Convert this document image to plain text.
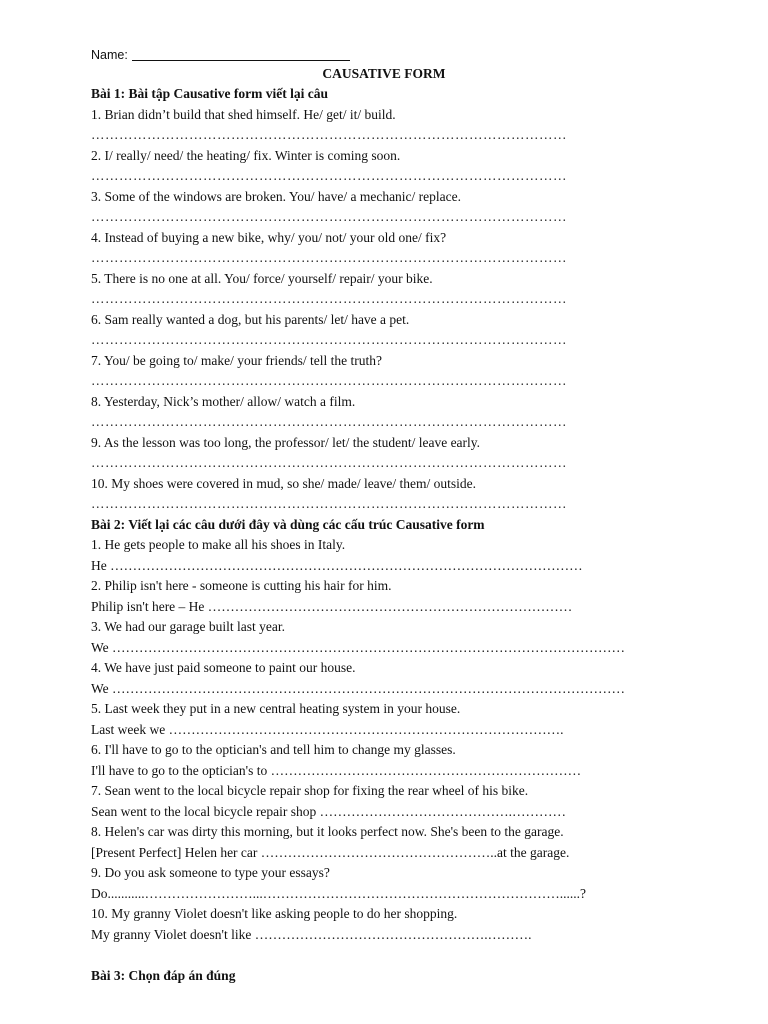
Name:
CAUSATIVE FORM
Bài 1: Bài tập Causative form viết lại câu
1. Brian didn’t build that shed himself. He/ get/ it/ build.
…………………………………………………………………………………………
2. I/ really/ need/ the heating/ fix. Winter is coming soon.
…………………………………………………………………………………………
3. Some of the windows are broken. You/ have/ a mechanic/ replace.
…………………………………………………………………………………………
4. Instead of buying a new bike, why/ you/ not/ your old one/ fix?
…………………………………………………………………………………………
5. There is no one at all. You/ force/ yourself/ repair/ your bike.
…………………………………………………………………………………………
6. Sam really wanted a dog, but his parents/ let/ have a pet.
…………………………………………………………………………………………
7. You/ be going to/ make/ your friends/ tell the truth?
…………………………………………………………………………………………
8. Yesterday, Nick’s mother/ allow/ watch a film.
…………………………………………………………………………………………
9. As the lesson was too long, the professor/ let/ the student/ leave early.
…………………………………………………………………………………………
10. My shoes were covered in mud, so she/ made/ leave/ them/ outside.
…………………………………………………………………………………………
Bài 2: Viết lại các câu dưới đây và dùng các cấu trúc Causative form
1. He gets people to make all his shoes in Italy.
He ……………………………………………………………………………………………
2. Philip isn't here - someone is cutting his hair for him.
Philip isn't here – He ………………………………………………………………………
3. We had our garage built last year.
We ……………………………………………………………………………………………………
4. We have just paid someone to paint our house.
We ……………………………………………………………………………………………………
5. Last week they put in a new central heating system in your house.
Last week we …………………………………………………………………………….
6. I'll have to go to the optician's and tell him to change my glasses.
I'll have to go to the optician's to ……………………………………………………………
7. Sean went to the local bicycle repair shop for fixing the rear wheel of his bike.
Sean went to the local bicycle repair shop …………………………………….…………
8. Helen's car was dirty this morning, but it looks perfect now. She's been to the garage.
[Present Perfect] Helen her car ……………………………………………..at the garage.
9. Do you ask someone to type your essays?
Do...........……………………...…………………………………………………………......?
10. My granny Violet doesn't like asking people to do her shopping.
My granny Violet doesn't like …………………………………………….……….
Bài 3: Chọn đáp án đúng
